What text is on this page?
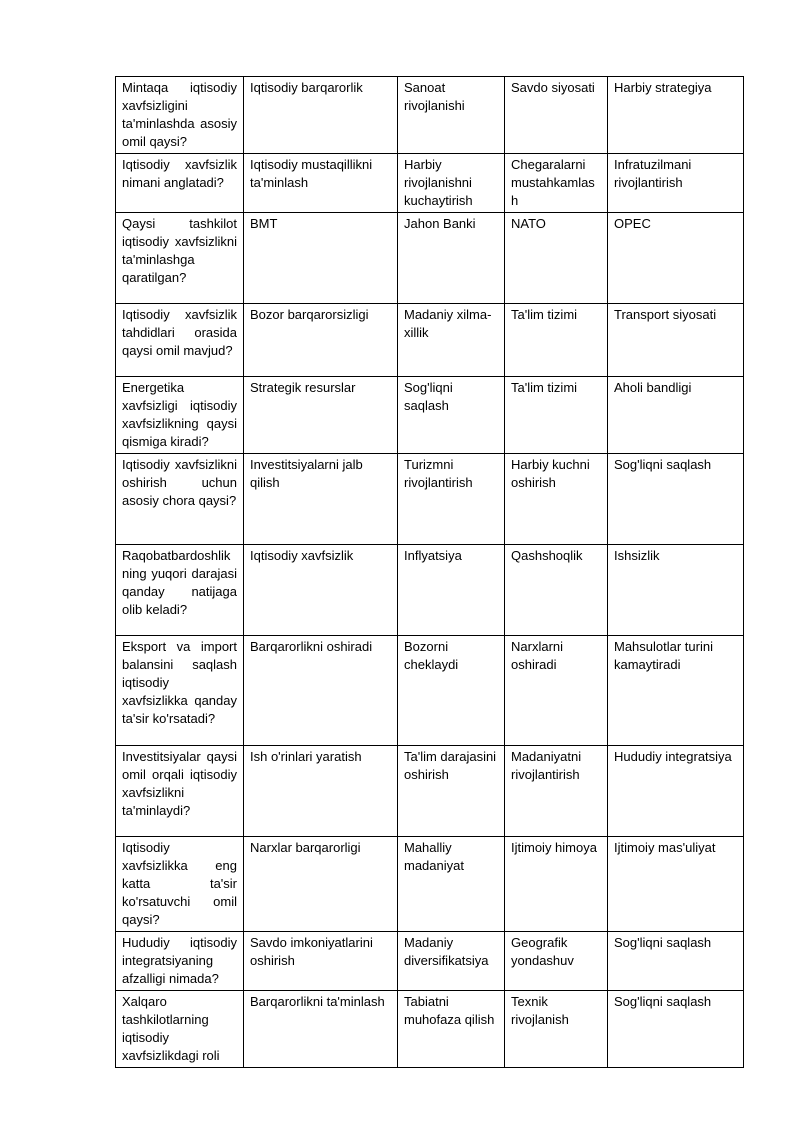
Mintaqa iqtisodiy xavfsizligini ta'minlashda asosiy omil qaysi?	Iqtisodiy barqarorlik	Sanoat rivojlanishi	Savdo siyosati	Harbiy strategiya
Iqtisodiy xavfsizlik nimani anglatadi?	Iqtisodiy mustaqillikni ta'minlash	Harbiy rivojlanishni kuchaytirish	Chegaralarni mustahkamlash	Infratuzilmani rivojlantirish
Qaysi tashkilot iqtisodiy xavfsizlikni ta'minlashga qaratilgan?	BMT	Jahon Banki	NATO	OPEC
Iqtisodiy xavfsizlik tahdidlari orasida qaysi omil mavjud?	Bozor barqarorsizligi	Madaniy xilma-xillik	Ta'lim tizimi	Transport siyosati
Energetika xavfsizligi iqtisodiy xavfsizlikning qaysi qismiga kiradi?	Strategik resurslar	Sog'liqni saqlash	Ta'lim tizimi	Aholi bandligi
Iqtisodiy xavfsizlikni oshirish uchun asosiy chora qaysi?	Investitsiyalarni jalb qilish	Turizmni rivojlantirish	Harbiy kuchni oshirish	Sog'liqni saqlash
Raqobatbardoshlikning yuqori darajasi qanday natijaga olib keladi?	Iqtisodiy xavfsizlik	Inflyatsiya	Qashshoqlik	Ishsizlik
Eksport va import balansini saqlash iqtisodiy xavfsizlikka qanday ta'sir ko'rsatadi?	Barqarorlikni oshiradi	Bozorni cheklaydi	Narxlarni oshiradi	Mahsulotlar turini kamaytiradi
Investitsiyalar qaysi omil orqali iqtisodiy xavfsizlikni ta'minlaydi?	Ish o'rinlari yaratish	Ta'lim darajasini oshirish	Madaniyatni rivojlantirish	Hududiy integratsiya
Iqtisodiy xavfsizlikka eng katta ta'sir ko'rsatuvchi omil qaysi?	Narxlar barqarorligi	Mahalliy madaniyat	Ijtimoiy himoya	Ijtimoiy mas'uliyat
Hududiy iqtisodiy integratsiyaning afzalligi nimada?	Savdo imkoniyatlarini oshirish	Madaniy diversifikatsiya	Geografik yondashuv	Sog'liqni saqlash
Xalqaro tashkilotlarning iqtisodiy xavfsizlikdagi roli	Barqarorlikni ta'minlash	Tabiatni muhofaza qilish	Texnik rivojlanish	Sog'liqni saqlash
